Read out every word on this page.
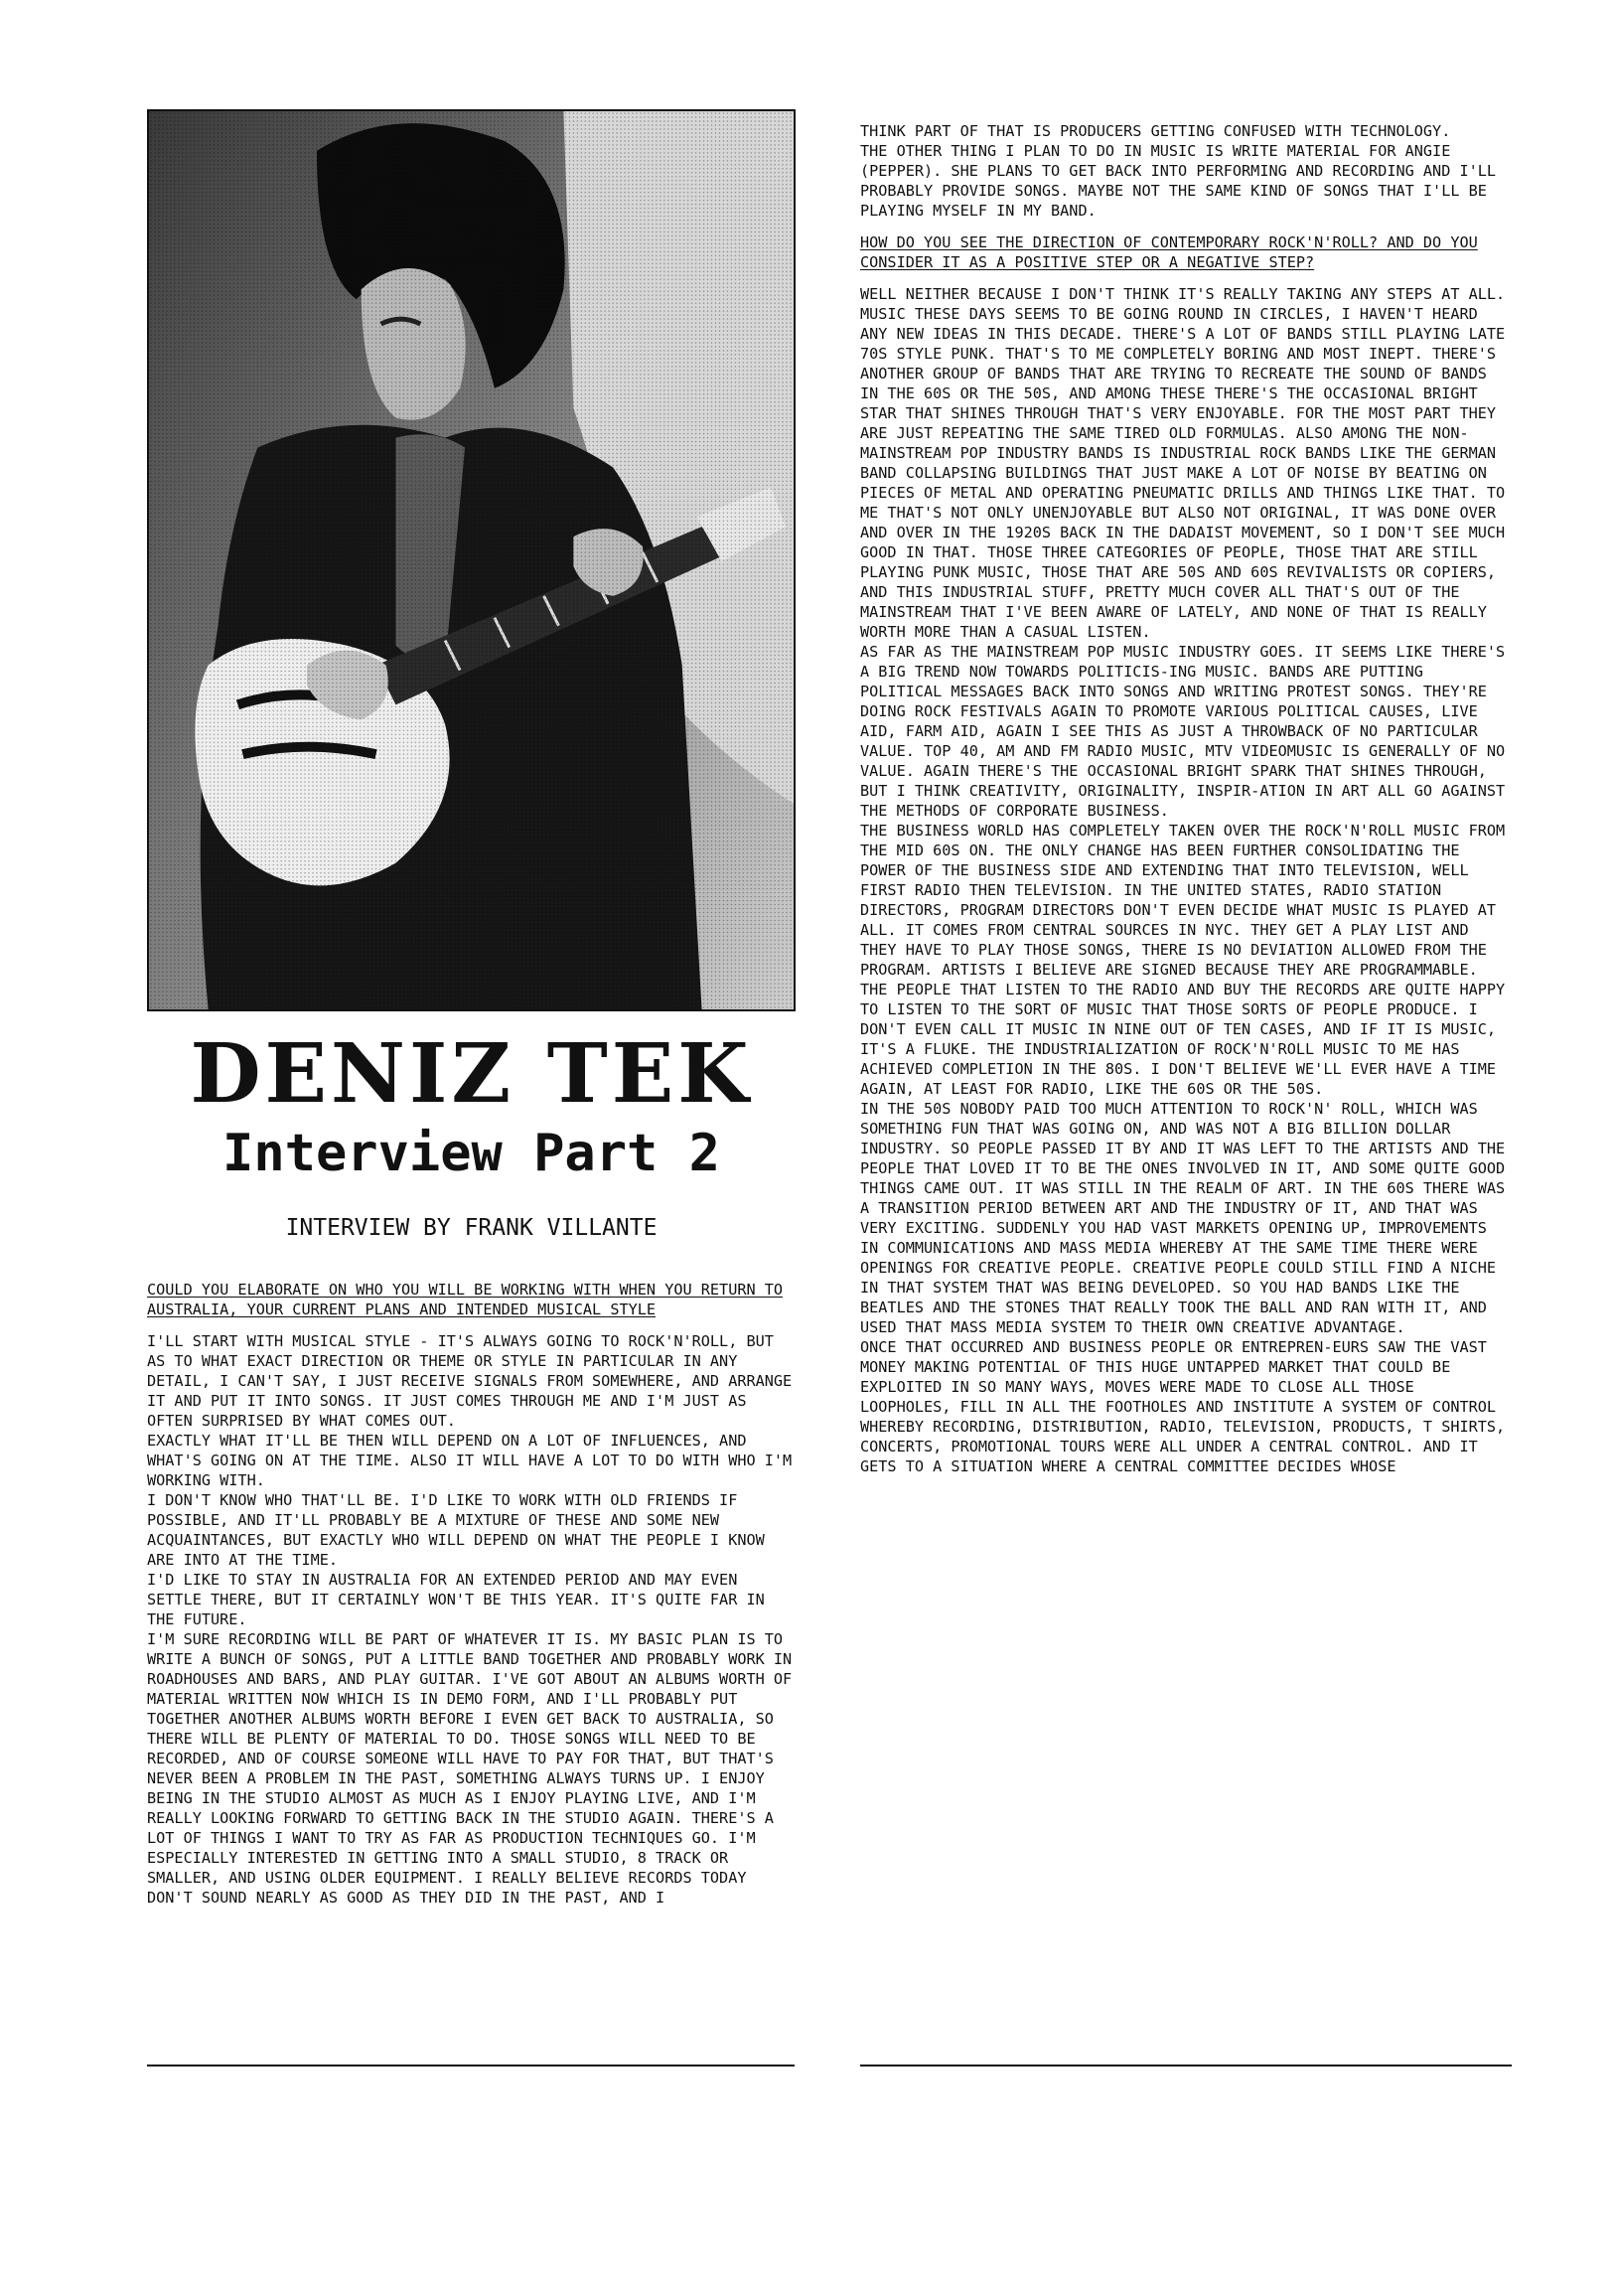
DENIZ TEK
Interview Part 2
INTERVIEW BY FRANK VILLANTE

COULD YOU ELABORATE ON WHO YOU WILL BE WORKING WITH WHEN YOU RETURN TO AUSTRALIA, YOUR CURRENT PLANS AND INTENDED MUSICAL STYLE

I'LL START WITH MUSICAL STYLE - IT'S ALWAYS GOING TO ROCK'N'ROLL, BUT AS TO WHAT EXACT DIRECTION OR THEME OR STYLE IN PARTICULAR IN ANY DETAIL, I CAN'T SAY, I JUST RECEIVE SIGNALS FROM SOMEWHERE, AND ARRANGE IT AND PUT IT INTO SONGS. IT JUST COMES THROUGH ME AND I'M JUST AS OFTEN SURPRISED BY WHAT COMES OUT.

EXACTLY WHAT IT'LL BE THEN WILL DEPEND ON A LOT OF INFLUENCES, AND WHAT'S GOING ON AT THE TIME. ALSO IT WILL HAVE A LOT TO DO WITH WHO I'M WORKING WITH.

I DON'T KNOW WHO THAT'LL BE. I'D LIKE TO WORK WITH OLD FRIENDS IF POSSIBLE, AND IT'LL PROBABLY BE A MIXTURE OF THESE AND SOME NEW ACQUAINTANCES, BUT EXACTLY WHO WILL DEPEND ON WHAT THE PEOPLE I KNOW ARE INTO AT THE TIME.

I'D LIKE TO STAY IN AUSTRALIA FOR AN EXTENDED PERIOD AND MAY EVEN SETTLE THERE, BUT IT CERTAINLY WON'T BE THIS YEAR. IT'S QUITE FAR IN THE FUTURE.

I'M SURE RECORDING WILL BE PART OF WHATEVER IT IS. MY BASIC PLAN IS TO WRITE A BUNCH OF SONGS, PUT A LITTLE BAND TOGETHER AND PROBABLY WORK IN ROADHOUSES AND BARS, AND PLAY GUITAR. I'VE GOT ABOUT AN ALBUMS WORTH OF MATERIAL WRITTEN NOW WHICH IS IN DEMO FORM, AND I'LL PROBABLY PUT TOGETHER ANOTHER ALBUMS WORTH BEFORE I EVEN GET BACK TO AUSTRALIA, SO THERE WILL BE PLENTY OF MATERIAL TO DO. THOSE SONGS WILL NEED TO BE RECORDED, AND OF COURSE SOMEONE WILL HAVE TO PAY FOR THAT, BUT THAT'S NEVER BEEN A PROBLEM IN THE PAST, SOMETHING ALWAYS TURNS UP. I ENJOY BEING IN THE STUDIO ALMOST AS MUCH AS I ENJOY PLAYING LIVE, AND I'M REALLY LOOKING FORWARD TO GETTING BACK IN THE STUDIO AGAIN. THERE'S A LOT OF THINGS I WANT TO TRY AS FAR AS PRODUCTION TECHNIQUES GO. I'M ESPECIALLY INTERESTED IN GETTING INTO A SMALL STUDIO, 8 TRACK OR SMALLER, AND USING OLDER EQUIPMENT. I REALLY BELIEVE RECORDS TODAY DON'T SOUND NEARLY AS GOOD AS THEY DID IN THE PAST, AND I

THINK PART OF THAT IS PRODUCERS GETTING CONFUSED WITH TECHNOLOGY.

THE OTHER THING I PLAN TO DO IN MUSIC IS WRITE MATERIAL FOR ANGIE (PEPPER). SHE PLANS TO GET BACK INTO PERFORMING AND RECORDING AND I'LL PROBABLY PROVIDE SONGS. MAYBE NOT THE SAME KIND OF SONGS THAT I'LL BE PLAYING MYSELF IN MY BAND.

HOW DO YOU SEE THE DIRECTION OF CONTEMPORARY ROCK'N'ROLL? AND DO YOU CONSIDER IT AS A POSITIVE STEP OR A NEGATIVE STEP?

WELL NEITHER BECAUSE I DON'T THINK IT'S REALLY TAKING ANY STEPS AT ALL. MUSIC THESE DAYS SEEMS TO BE GOING ROUND IN CIRCLES, I HAVEN'T HEARD ANY NEW IDEAS IN THIS DECADE. THERE'S A LOT OF BANDS STILL PLAYING LATE 70S STYLE PUNK. THAT'S TO ME COMPLETELY BORING AND MOST INEPT. THERE'S ANOTHER GROUP OF BANDS THAT ARE TRYING TO RECREATE THE SOUND OF BANDS IN THE 60S OR THE 50S, AND AMONG THESE THERE'S THE OCCASIONAL BRIGHT STAR THAT SHINES THROUGH THAT'S VERY ENJOYABLE. FOR THE MOST PART THEY ARE JUST REPEATING THE SAME TIRED OLD FORMULAS. ALSO AMONG THE NON-MAINSTREAM POP INDUSTRY BANDS IS INDUSTRIAL ROCK BANDS LIKE THE GERMAN BAND COLLAPSING BUILDINGS THAT JUST MAKE A LOT OF NOISE BY BEATING ON PIECES OF METAL AND OPERATING PNEUMATIC DRILLS AND THINGS LIKE THAT. TO ME THAT'S NOT ONLY UNENJOYABLE BUT ALSO NOT ORIGINAL, IT WAS DONE OVER AND OVER IN THE 1920S BACK IN THE DADAIST MOVEMENT, SO I DON'T SEE MUCH GOOD IN THAT. THOSE THREE CATEGORIES OF PEOPLE, THOSE THAT ARE STILL PLAYING PUNK MUSIC, THOSE THAT ARE 50S AND 60S REVIVALISTS OR COPIERS, AND THIS INDUSTRIAL STUFF, PRETTY MUCH COVER ALL THAT'S OUT OF THE MAINSTREAM THAT I'VE BEEN AWARE OF LATELY, AND NONE OF THAT IS REALLY WORTH MORE THAN A CASUAL LISTEN.

AS FAR AS THE MAINSTREAM POP MUSIC INDUSTRY GOES. IT SEEMS LIKE THERE'S A BIG TREND NOW TOWARDS POLITICIS-ING MUSIC. BANDS ARE PUTTING POLITICAL MESSAGES BACK INTO SONGS AND WRITING PROTEST SONGS. THEY'RE DOING ROCK FESTIVALS AGAIN TO PROMOTE VARIOUS POLITICAL CAUSES, LIVE AID, FARM AID, AGAIN I SEE THIS AS JUST A THROWBACK OF NO PARTICULAR VALUE. TOP 40, AM AND FM RADIO MUSIC, MTV VIDEOMUSIC IS GENERALLY OF NO VALUE. AGAIN THERE'S THE OCCASIONAL BRIGHT SPARK THAT SHINES THROUGH, BUT I THINK CREATIVITY, ORIGINALITY, INSPIR-ATION IN ART ALL GO AGAINST THE METHODS OF CORPORATE BUSINESS.

THE BUSINESS WORLD HAS COMPLETELY TAKEN OVER THE ROCK'N'ROLL MUSIC FROM THE MID 60S ON. THE ONLY CHANGE HAS BEEN FURTHER CONSOLIDATING THE POWER OF THE BUSINESS SIDE AND EXTENDING THAT INTO TELEVISION, WELL FIRST RADIO THEN TELEVISION. IN THE UNITED STATES, RADIO STATION DIRECTORS, PROGRAM DIRECTORS DON'T EVEN DECIDE WHAT MUSIC IS PLAYED AT ALL. IT COMES FROM CENTRAL SOURCES IN NYC. THEY GET A PLAY LIST AND THEY HAVE TO PLAY THOSE SONGS, THERE IS NO DEVIATION ALLOWED FROM THE PROGRAM. ARTISTS I BELIEVE ARE SIGNED BECAUSE THEY ARE PROGRAMMABLE.

THE PEOPLE THAT LISTEN TO THE RADIO AND BUY THE RECORDS ARE QUITE HAPPY TO LISTEN TO THE SORT OF MUSIC THAT THOSE SORTS OF PEOPLE PRODUCE. I DON'T EVEN CALL IT MUSIC IN NINE OUT OF TEN CASES, AND IF IT IS MUSIC, IT'S A FLUKE. THE INDUSTRIALIZATION OF ROCK'N'ROLL MUSIC TO ME HAS ACHIEVED COMPLETION IN THE 80S. I DON'T BELIEVE WE'LL EVER HAVE A TIME AGAIN, AT LEAST FOR RADIO, LIKE THE 60S OR THE 50S.

IN THE 50S NOBODY PAID TOO MUCH ATTENTION TO ROCK'N' ROLL, WHICH WAS SOMETHING FUN THAT WAS GOING ON, AND WAS NOT A BIG BILLION DOLLAR INDUSTRY. SO PEOPLE PASSED IT BY AND IT WAS LEFT TO THE ARTISTS AND THE PEOPLE THAT LOVED IT TO BE THE ONES INVOLVED IN IT, AND SOME QUITE GOOD THINGS CAME OUT. IT WAS STILL IN THE REALM OF ART. IN THE 60S THERE WAS A TRANSITION PERIOD BETWEEN ART AND THE INDUSTRY OF IT, AND THAT WAS VERY EXCITING. SUDDENLY YOU HAD VAST MARKETS OPENING UP, IMPROVEMENTS IN COMMUNICATIONS AND MASS MEDIA WHEREBY AT THE SAME TIME THERE WERE OPENINGS FOR CREATIVE PEOPLE. CREATIVE PEOPLE COULD STILL FIND A NICHE IN THAT SYSTEM THAT WAS BEING DEVELOPED. SO YOU HAD BANDS LIKE THE BEATLES AND THE STONES THAT REALLY TOOK THE BALL AND RAN WITH IT, AND USED THAT MASS MEDIA SYSTEM TO THEIR OWN CREATIVE ADVANTAGE.

ONCE THAT OCCURRED AND BUSINESS PEOPLE OR ENTREPREN-EURS SAW THE VAST MONEY MAKING POTENTIAL OF THIS HUGE UNTAPPED MARKET THAT COULD BE EXPLOITED IN SO MANY WAYS, MOVES WERE MADE TO CLOSE ALL THOSE LOOPHOLES, FILL IN ALL THE FOOTHOLES AND INSTITUTE A SYSTEM OF CONTROL WHEREBY RECORDING, DISTRIBUTION, RADIO, TELEVISION, PRODUCTS, T SHIRTS, CONCERTS, PROMOTIONAL TOURS WERE ALL UNDER A CENTRAL CONTROL. AND IT GETS TO A SITUATION WHERE A CENTRAL COMMITTEE DECIDES WHOSE
